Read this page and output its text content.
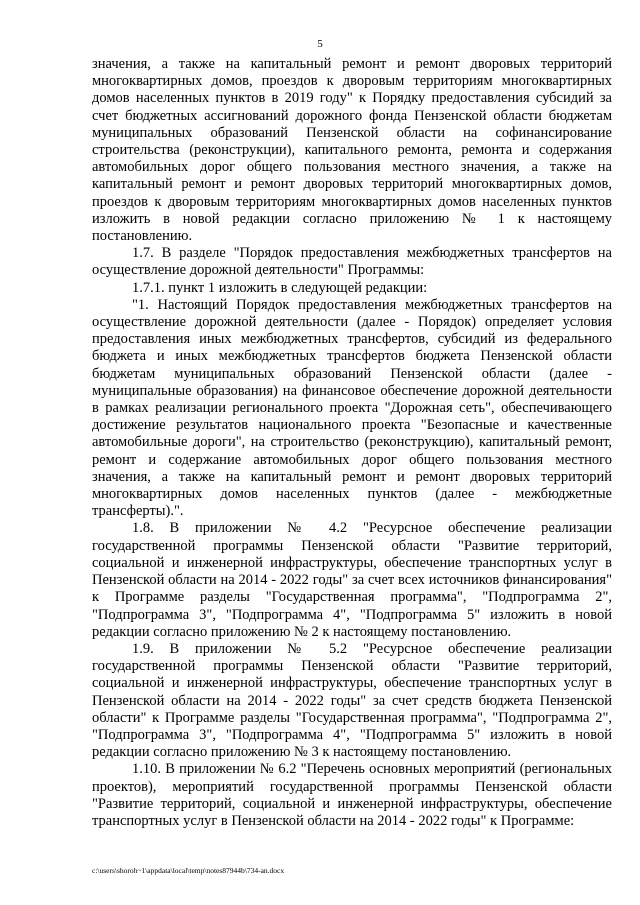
5

значения, а также на капитальный ремонт и ремонт дворовых территорий многоквартирных домов, проездов к дворовым территориям многоквартирных домов населенных пунктов в 2019 году" к Порядку предоставления субсидий за счет бюджетных ассигнований дорожного фонда Пензенской области бюджетам муниципальных образований Пензенской области на софинансирование строительства (реконструкции), капитального ремонта, ремонта и содержания автомобильных дорог общего пользования местного значения, а также на капитальный ремонт и ремонт дворовых территорий многоквартирных домов, проездов к дворовым территориям многоквартирных домов населенных пунктов изложить в новой редакции согласно приложению № 1 к настоящему постановлению.

1.7. В разделе "Порядок предоставления межбюджетных трансфертов на осуществление дорожной деятельности" Программы:

1.7.1. пункт 1 изложить в следующей редакции:

"1. Настоящий Порядок предоставления межбюджетных трансфертов на осуществление дорожной деятельности (далее - Порядок) определяет условия предоставления иных межбюджетных трансфертов, субсидий из федерального бюджета и иных межбюджетных трансфертов бюджета Пензенской области бюджетам муниципальных образований Пензенской области (далее - муниципальные образования) на финансовое обеспечение дорожной деятельности в рамках реализации регионального проекта "Дорожная сеть", обеспечивающего достижение результатов национального проекта "Безопасные и качественные автомобильные дороги", на строительство (реконструкцию), капитальный ремонт, ремонт и содержание автомобильных дорог общего пользования местного значения, а также на капитальный ремонт и ремонт дворовых территорий многоквартирных домов населенных пунктов (далее - межбюджетные трансферты).".

1.8. В приложении № 4.2 "Ресурсное обеспечение реализации государственной программы Пензенской области "Развитие территорий, социальной и инженерной инфраструктуры, обеспечение транспортных услуг в Пензенской области на 2014 - 2022 годы" за счет всех источников финансирования" к Программе разделы "Государственная программа", "Подпрограмма 2", "Подпрограмма 3", "Подпрограмма 4", "Подпрограмма 5" изложить в новой редакции согласно приложению № 2 к настоящему постановлению.

1.9. В приложении № 5.2 "Ресурсное обеспечение реализации государственной программы Пензенской области "Развитие территорий, социальной и инженерной инфраструктуры, обеспечение транспортных услуг в Пензенской области на 2014 - 2022 годы" за счет средств бюджета Пензенской области" к Программе разделы "Государственная программа", "Подпрограмма 2", "Подпрограмма 3", "Подпрограмма 4", "Подпрограмма 5" изложить в новой редакции согласно приложению № 3 к настоящему постановлению.

1.10. В приложении № 6.2 "Перечень основных мероприятий (региональных проектов), мероприятий государственной программы Пензенской области "Развитие территорий, социальной и инженерной инфраструктуры, обеспечение транспортных услуг в Пензенской области на 2014 - 2022 годы" к Программе:

c:\users\shoroh~1\appdata\local\temp\notes87944b\734-an.docx
